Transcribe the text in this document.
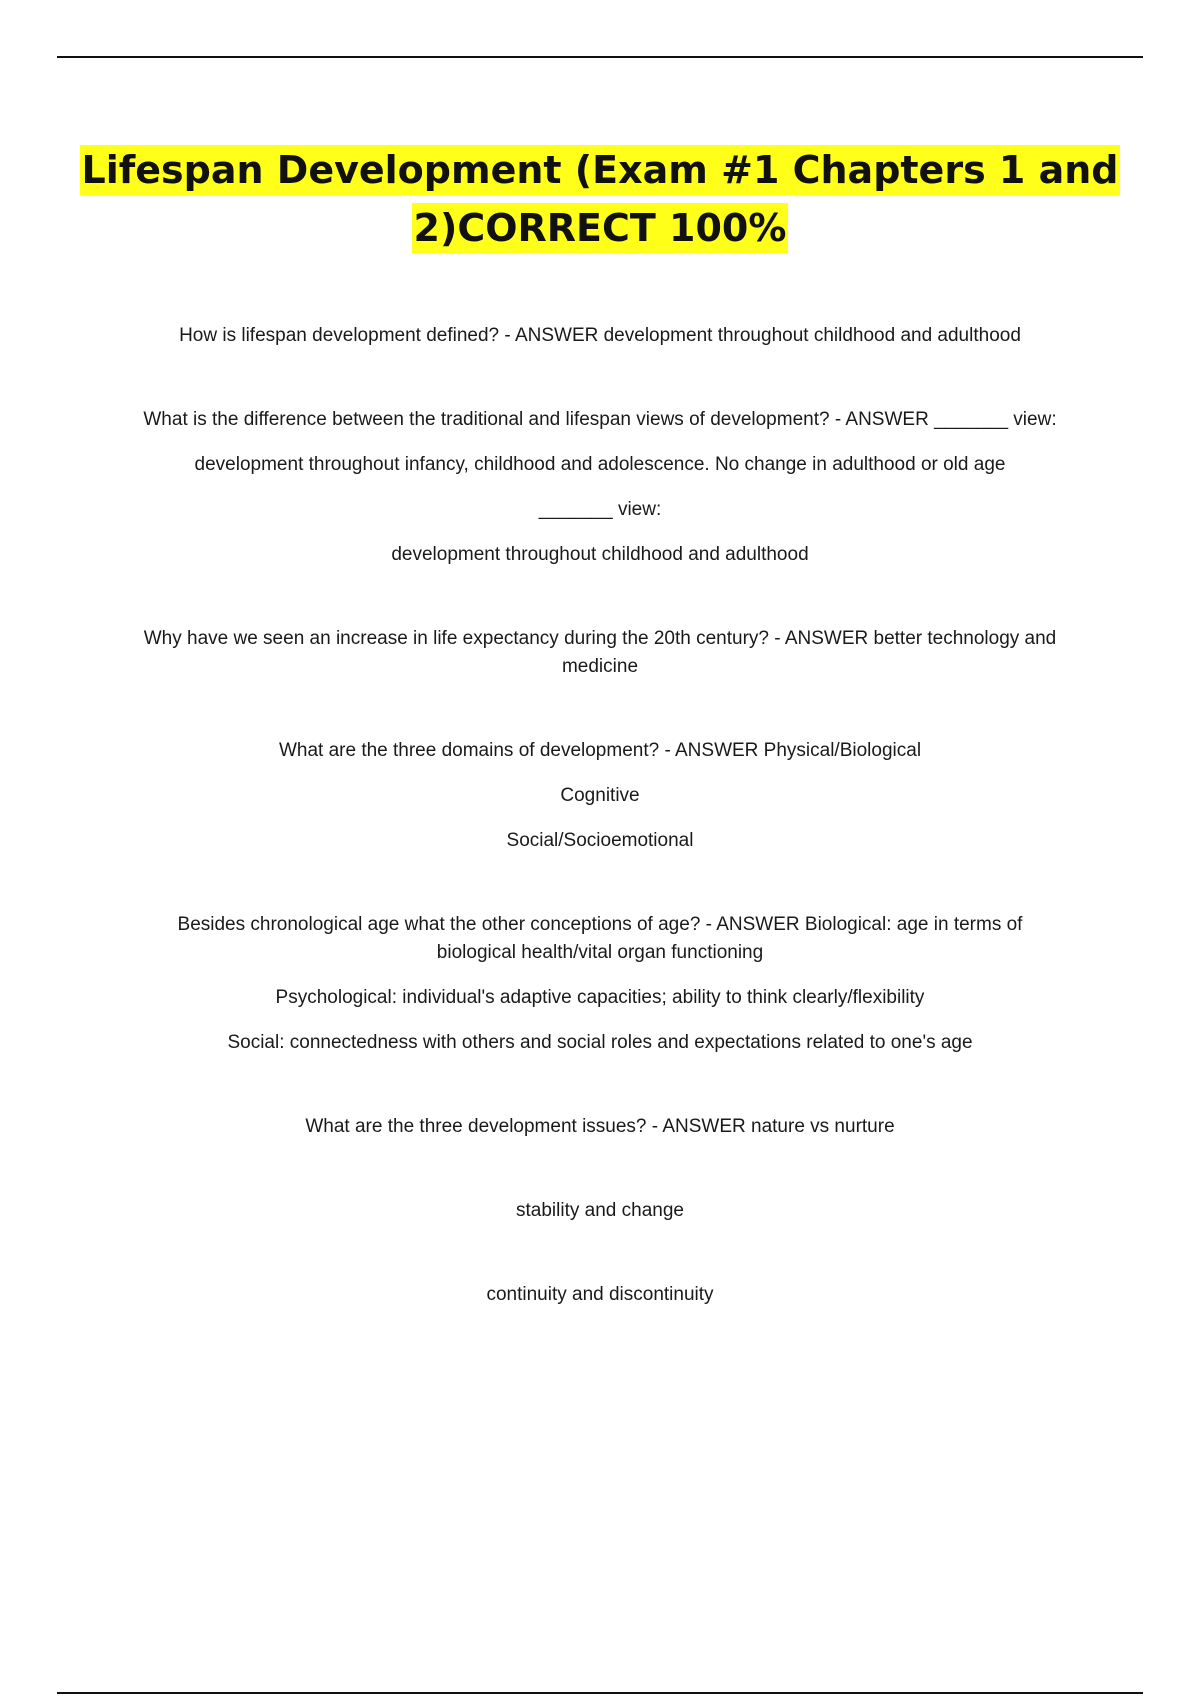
Lifespan Development (Exam #1 Chapters 1 and
2)CORRECT 100%

How is lifespan development defined? - ANSWER development throughout childhood and adulthood

What is the difference between the traditional and lifespan views of development? - ANSWER _______ view:

development throughout infancy, childhood and adolescence. No change in adulthood or old age

_______ view:

development throughout childhood and adulthood

Why have we seen an increase in life expectancy during the 20th century? - ANSWER better technology and medicine

What are the three domains of development? - ANSWER Physical/Biological

Cognitive

Social/Socioemotional

Besides chronological age what the other conceptions of age? - ANSWER Biological: age in terms of biological health/vital organ functioning

Psychological: individual's adaptive capacities; ability to think clearly/flexibility

Social: connectedness with others and social roles and expectations related to one's age

What are the three development issues? - ANSWER nature vs nurture

stability and change

continuity and discontinuity
